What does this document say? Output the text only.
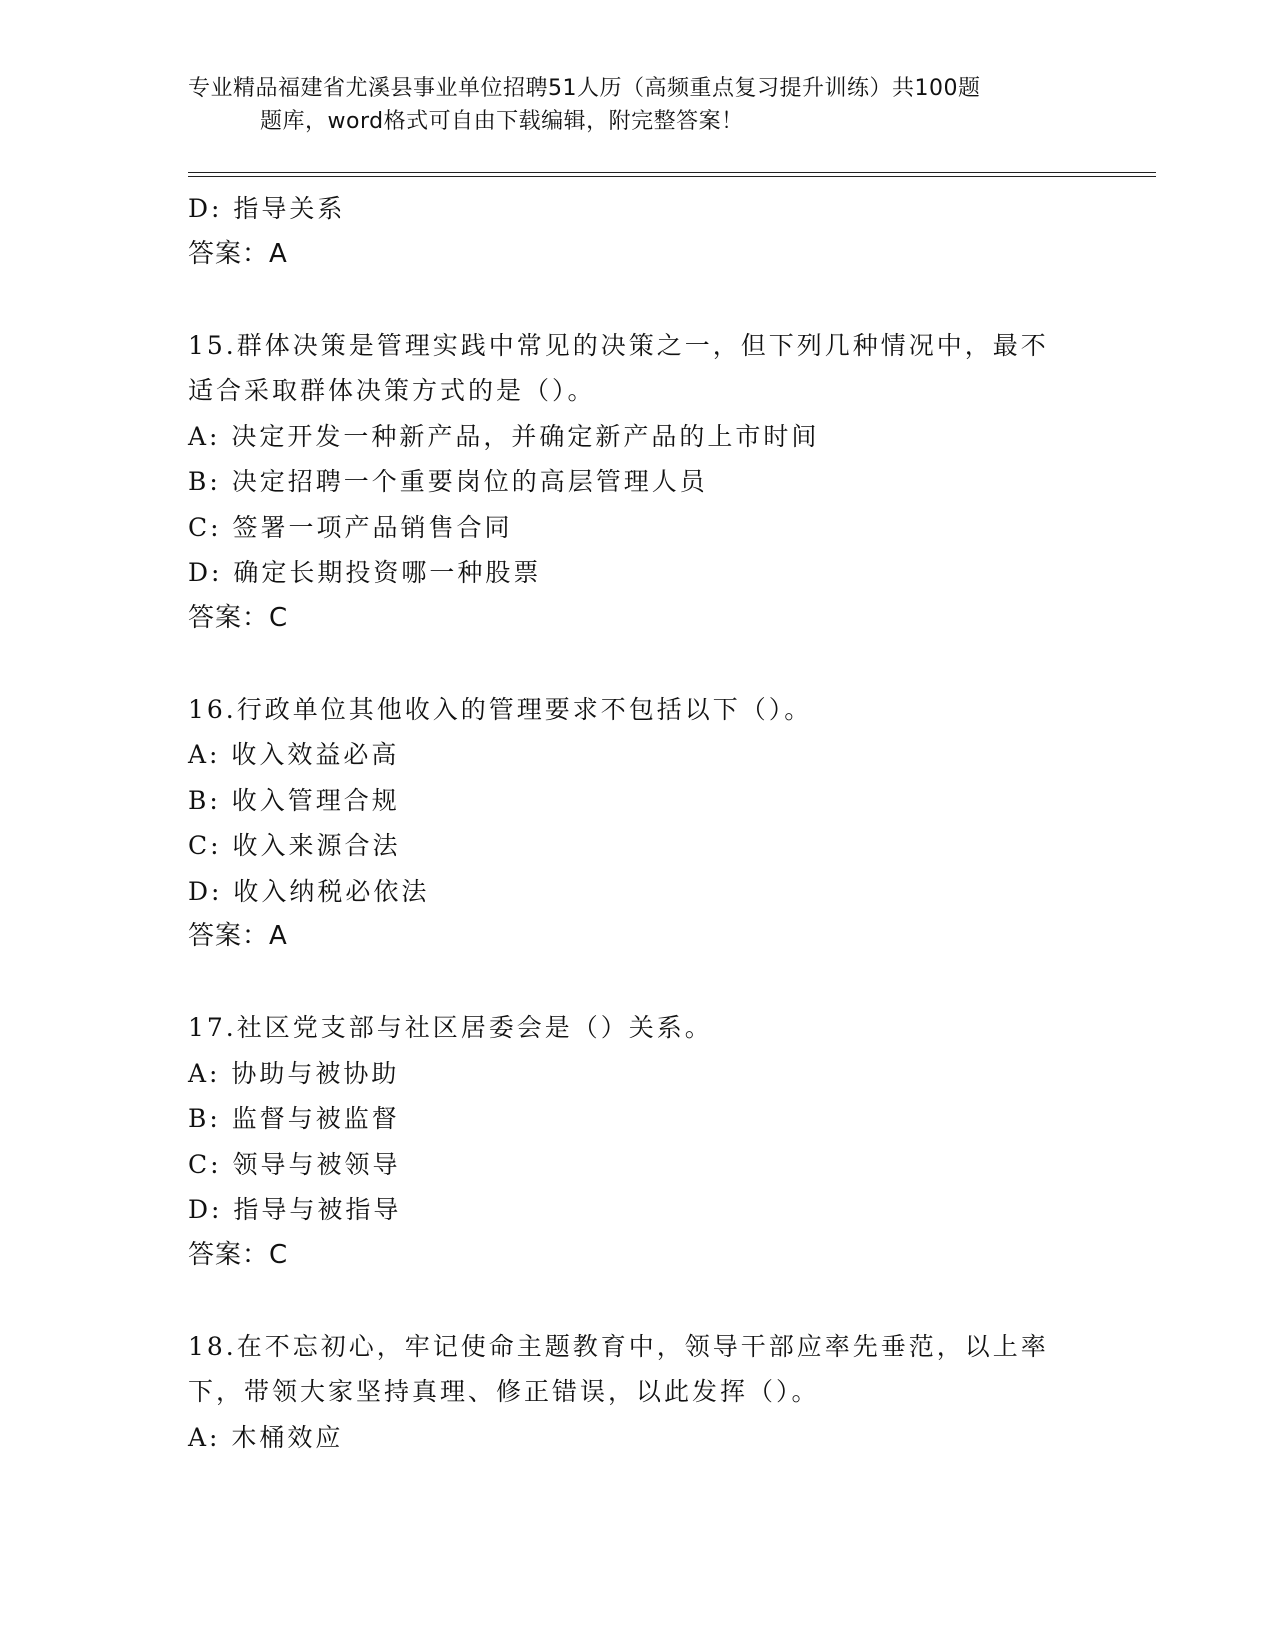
专业精品福建省尤溪县事业单位招聘51人历（高频重点复习提升训练）共100题
题库，word格式可自由下载编辑，附完整答案！
D: 指导关系
答案：A
15.群体决策是管理实践中常见的决策之一，但下列几种情况中，最不
适合采取群体决策方式的是（）。
A: 决定开发一种新产品，并确定新产品的上市时间
B: 决定招聘一个重要岗位的高层管理人员
C: 签署一项产品销售合同
D: 确定长期投资哪一种股票
答案：C
16.行政单位其他收入的管理要求不包括以下（）。
A: 收入效益必高
B: 收入管理合规
C: 收入来源合法
D: 收入纳税必依法
答案：A
17.社区党支部与社区居委会是（）关系。
A: 协助与被协助
B: 监督与被监督
C: 领导与被领导
D: 指导与被指导
答案：C
18.在不忘初心，牢记使命主题教育中，领导干部应率先垂范，以上率
下，带领大家坚持真理、修正错误，以此发挥（）。
A: 木桶效应
